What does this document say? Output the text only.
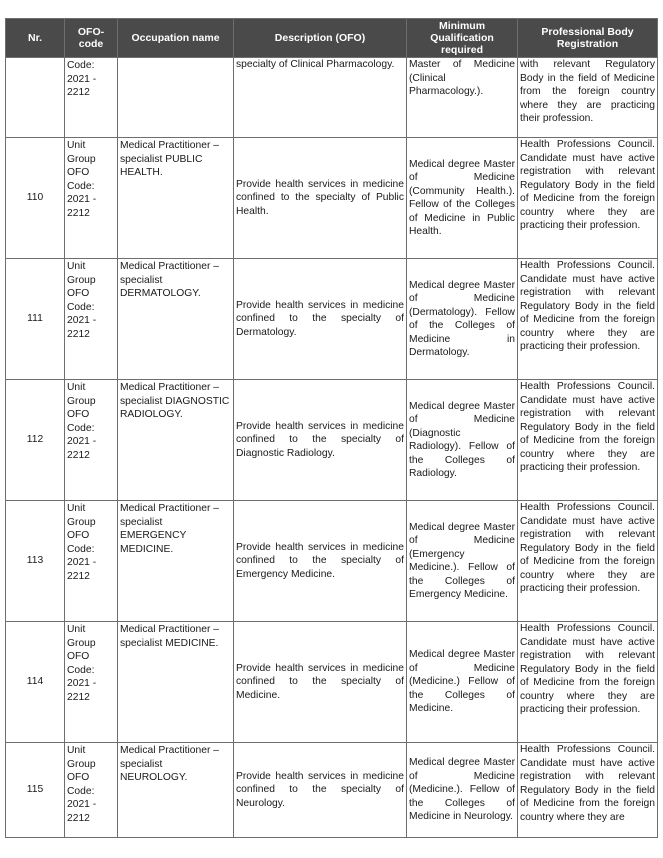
Nr.	OFO-code	Occupation name	Description (OFO)	Minimum Qualification required	Professional Body Registration
	Code: 2021 - 2212		specialty of Clinical Pharmacology.	Master of Medicine (Clinical Pharmacology.).	with relevant Regulatory Body in the field of Medicine from the foreign country where they are practicing their profession.
110	Unit Group OFO Code: 2021 - 2212	Medical Practitioner – specialist PUBLIC HEALTH.	Provide health services in medicine confined to the specialty of Public Health.	Medical degree Master of Medicine (Community Health.). Fellow of the Colleges of Medicine in Public Health.	Health Professions Council. Candidate must have active registration with relevant Regulatory Body in the field of Medicine from the foreign country where they are practicing their profession.
111	Unit Group OFO Code: 2021 - 2212	Medical Practitioner – specialist DERMATOLOGY.	Provide health services in medicine confined to the specialty of Dermatology.	Medical degree Master of Medicine (Dermatology). Fellow of the Colleges of Medicine in Dermatology.	Health Professions Council. Candidate must have active registration with relevant Regulatory Body in the field of Medicine from the foreign country where they are practicing their profession.
112	Unit Group OFO Code: 2021 - 2212	Medical Practitioner – specialist DIAGNOSTIC RADIOLOGY.	Provide health services in medicine confined to the specialty of Diagnostic Radiology.	Medical degree Master of Medicine (Diagnostic Radiology). Fellow of the Colleges of Radiology.	Health Professions Council. Candidate must have active registration with relevant Regulatory Body in the field of Medicine from the foreign country where they are practicing their profession.
113	Unit Group OFO Code: 2021 - 2212	Medical Practitioner – specialist EMERGENCY MEDICINE.	Provide health services in medicine confined to the specialty of Emergency Medicine.	Medical degree Master of Medicine (Emergency Medicine.). Fellow of the Colleges of Emergency Medicine.	Health Professions Council. Candidate must have active registration with relevant Regulatory Body in the field of Medicine from the foreign country where they are practicing their profession.
114	Unit Group OFO Code: 2021 - 2212	Medical Practitioner – specialist MEDICINE.	Provide health services in medicine confined to the specialty of Medicine.	Medical degree Master of Medicine (Medicine.) Fellow of the Colleges of Medicine.	Health Professions Council. Candidate must have active registration with relevant Regulatory Body in the field of Medicine from the foreign country where they are practicing their profession.
115	Unit Group OFO Code: 2021 - 2212	Medical Practitioner – specialist NEUROLOGY.	Provide health services in medicine confined to the specialty of Neurology.	Medical degree Master of Medicine (Medicine.). Fellow of the Colleges of Medicine in Neurology.	Health Professions Council. Candidate must have active registration with relevant Regulatory Body in the field of Medicine from the foreign country where they are
